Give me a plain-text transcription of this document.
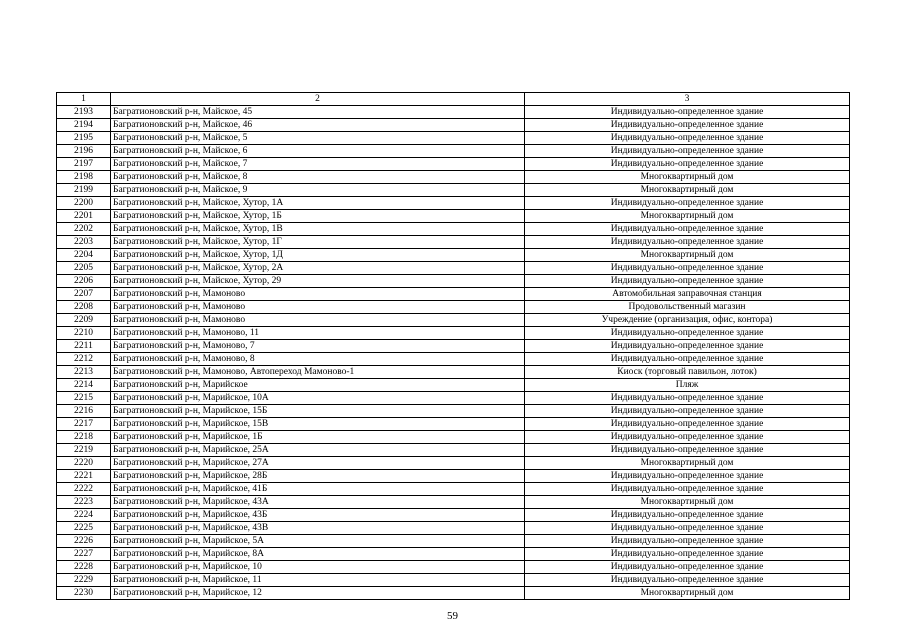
1	2	3
2193	Багратионовский р-н, Майское, 45	Индивидуально-определенное здание
2194	Багратионовский р-н, Майское, 46	Индивидуально-определенное здание
2195	Багратионовский р-н, Майское, 5	Индивидуально-определенное здание
2196	Багратионовский р-н, Майское, 6	Индивидуально-определенное здание
2197	Багратионовский р-н, Майское, 7	Индивидуально-определенное здание
2198	Багратионовский р-н, Майское, 8	Многоквартирный дом
2199	Багратионовский р-н, Майское, 9	Многоквартирный дом
2200	Багратионовский р-н, Майское, Хутор, 1А	Индивидуально-определенное здание
2201	Багратионовский р-н, Майское, Хутор, 1Б	Многоквартирный дом
2202	Багратионовский р-н, Майское, Хутор, 1В	Индивидуально-определенное здание
2203	Багратионовский р-н, Майское, Хутор, 1Г	Индивидуально-определенное здание
2204	Багратионовский р-н, Майское, Хутор, 1Д	Многоквартирный дом
2205	Багратионовский р-н, Майское, Хутор, 2А	Индивидуально-определенное здание
2206	Багратионовский р-н, Майское, Хутор, 29	Индивидуально-определенное здание
2207	Багратионовский р-н, Мамоново	Автомобильная заправочная станция
2208	Багратионовский р-н, Мамоново	Продовольственный магазин
2209	Багратионовский р-н, Мамоново	Учреждение (организация, офис, контора)
2210	Багратионовский р-н, Мамоново, 11	Индивидуально-определенное здание
2211	Багратионовский р-н, Мамоново, 7	Индивидуально-определенное здание
2212	Багратионовский р-н, Мамоново, 8	Индивидуально-определенное здание
2213	Багратионовский р-н, Мамоново, Автопереход Мамоново-1	Киоск (торговый павильон, лоток)
2214	Багратионовский р-н, Марийское	Пляж
2215	Багратионовский р-н, Марийское, 10А	Индивидуально-определенное здание
2216	Багратионовский р-н, Марийское, 15Б	Индивидуально-определенное здание
2217	Багратионовский р-н, Марийское, 15В	Индивидуально-определенное здание
2218	Багратионовский р-н, Марийское, 1Б	Индивидуально-определенное здание
2219	Багратионовский р-н, Марийское, 25А	Индивидуально-определенное здание
2220	Багратионовский р-н, Марийское, 27А	Многоквартирный дом
2221	Багратионовский р-н, Марийское, 28Б	Индивидуально-определенное здание
2222	Багратионовский р-н, Марийское, 41Б	Индивидуально-определенное здание
2223	Багратионовский р-н, Марийское, 43А	Многоквартирный дом
2224	Багратионовский р-н, Марийское, 43Б	Индивидуально-определенное здание
2225	Багратионовский р-н, Марийское, 43В	Индивидуально-определенное здание
2226	Багратионовский р-н, Марийское, 5А	Индивидуально-определенное здание
2227	Багратионовский р-н, Марийское, 8А	Индивидуально-определенное здание
2228	Багратионовский р-н, Марийское, 10	Индивидуально-определенное здание
2229	Багратионовский р-н, Марийское, 11	Индивидуально-определенное здание
2230	Багратионовский р-н, Марийское, 12	Многоквартирный дом
59
